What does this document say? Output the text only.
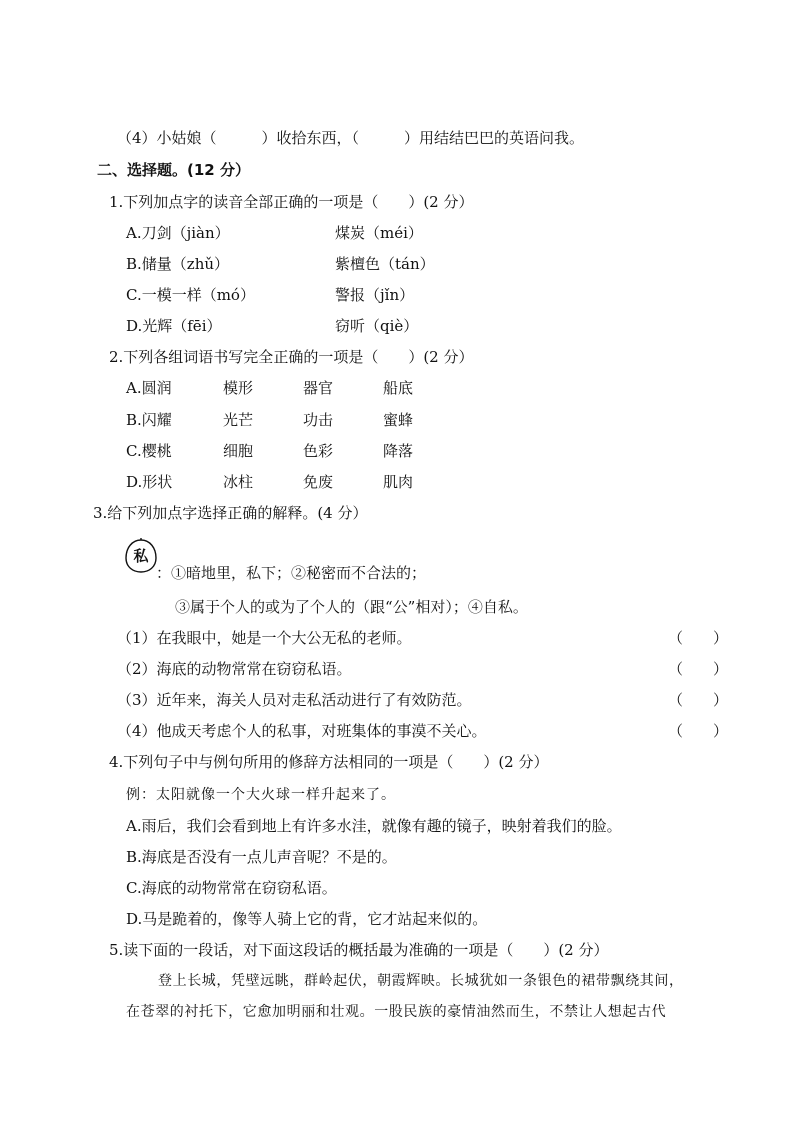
（4）小姑娘（　　　）收拾东西，（　　　）用结结巴巴的英语问我。
二、选择题。(12 分）
1.下列加点字的读音全部正确的一项是（　　）(2 分）
A.刀剑（jiàn）	煤炭（méi）
B.储量（zhǔ）	紫檀色（tán）
C.一模一样（mó）	警报（jǐn）
D.光辉（fēi）	窃听（qiè）
2.下列各组词语书写完全正确的一项是（　　）(2 分）
A.圆润	模形	器官	船底
B.闪耀	光芒	功击	蜜蜂
C.樱桃	细胞	色彩	降落
D.形状	冰柱	免废	肌肉
3.给下列加点字选择正确的解释。(4 分）
私
：①暗地里，私下；②秘密而不合法的；
③属于个人的或为了个人的（跟“公”相对）；④自私。
（1）在我眼中，她是一个大公无私的老师。	（　　）
（2）海底的动物常常在窃窃私语。	（　　）
（3）近年来，海关人员对走私活动进行了有效防范。	（　　）
（4）他成天考虑个人的私事，对班集体的事漠不关心。	（　　）
4.下列句子中与例句所用的修辞方法相同的一项是（　　）(2 分）
例：太阳就像一个大火球一样升起来了。
A.雨后，我们会看到地上有许多水洼，就像有趣的镜子，映射着我们的脸。
B.海底是否没有一点儿声音呢？不是的。
C.海底的动物常常在窃窃私语。
D.马是跪着的，像等人骑上它的背，它才站起来似的。
5.读下面的一段话，对下面这段话的概括最为准确的一项是（　　）(2 分）
登上长城，凭壁远眺，群岭起伏，朝霞辉映。长城犹如一条银色的裙带飘绕其间，
在苍翠的衬托下，它愈加明丽和壮观。一股民族的豪情油然而生，不禁让人想起古代
